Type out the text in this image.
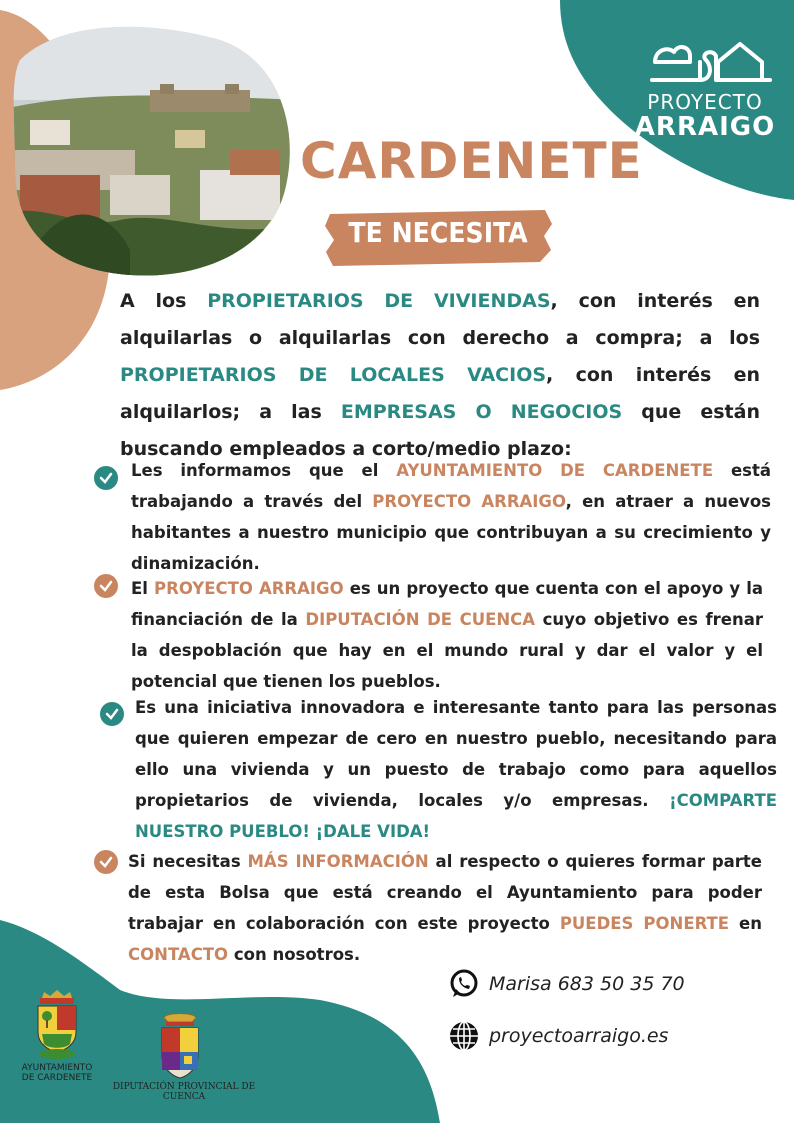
PROYECTO
ARRAIGO
CARDENETE
TE NECESITA
A los PROPIETARIOS DE VIVIENDAS, con interés en alquilarlas o alquilarlas con derecho a compra; a los PROPIETARIOS DE LOCALES VACIOS, con interés en alquilarlos; a las EMPRESAS O NEGOCIOS que están buscando empleados a corto/medio plazo:
Les informamos que el AYUNTAMIENTO DE CARDENETE está trabajando a través del PROYECTO ARRAIGO, en atraer a nuevos habitantes a nuestro municipio que contribuyan a su crecimiento y dinamización.
El PROYECTO ARRAIGO es un proyecto que cuenta con el apoyo y la financiación de la DIPUTACIÓN DE CUENCA cuyo objetivo es frenar la despoblación que hay en el mundo rural y dar el valor y el potencial que tienen los pueblos.
Es una iniciativa innovadora e interesante tanto para las personas que quieren empezar de cero en nuestro pueblo, necesitando para ello una vivienda y un puesto de trabajo como para aquellos propietarios de vivienda, locales y/o empresas. ¡COMPARTE NUESTRO PUEBLO! ¡DALE VIDA!
Si necesitas MÁS INFORMACIÓN al respecto o quieres formar parte de esta Bolsa que está creando el Ayuntamiento para poder trabajar en colaboración con este proyecto PUEDES PONERTE en CONTACTO con nosotros.
Marisa 683 50 35 70
proyectoarraigo.es
AYUNTAMIENTO
DE CARDENETE
DIPUTACIÓN PROVINCIAL DE CUENCA
